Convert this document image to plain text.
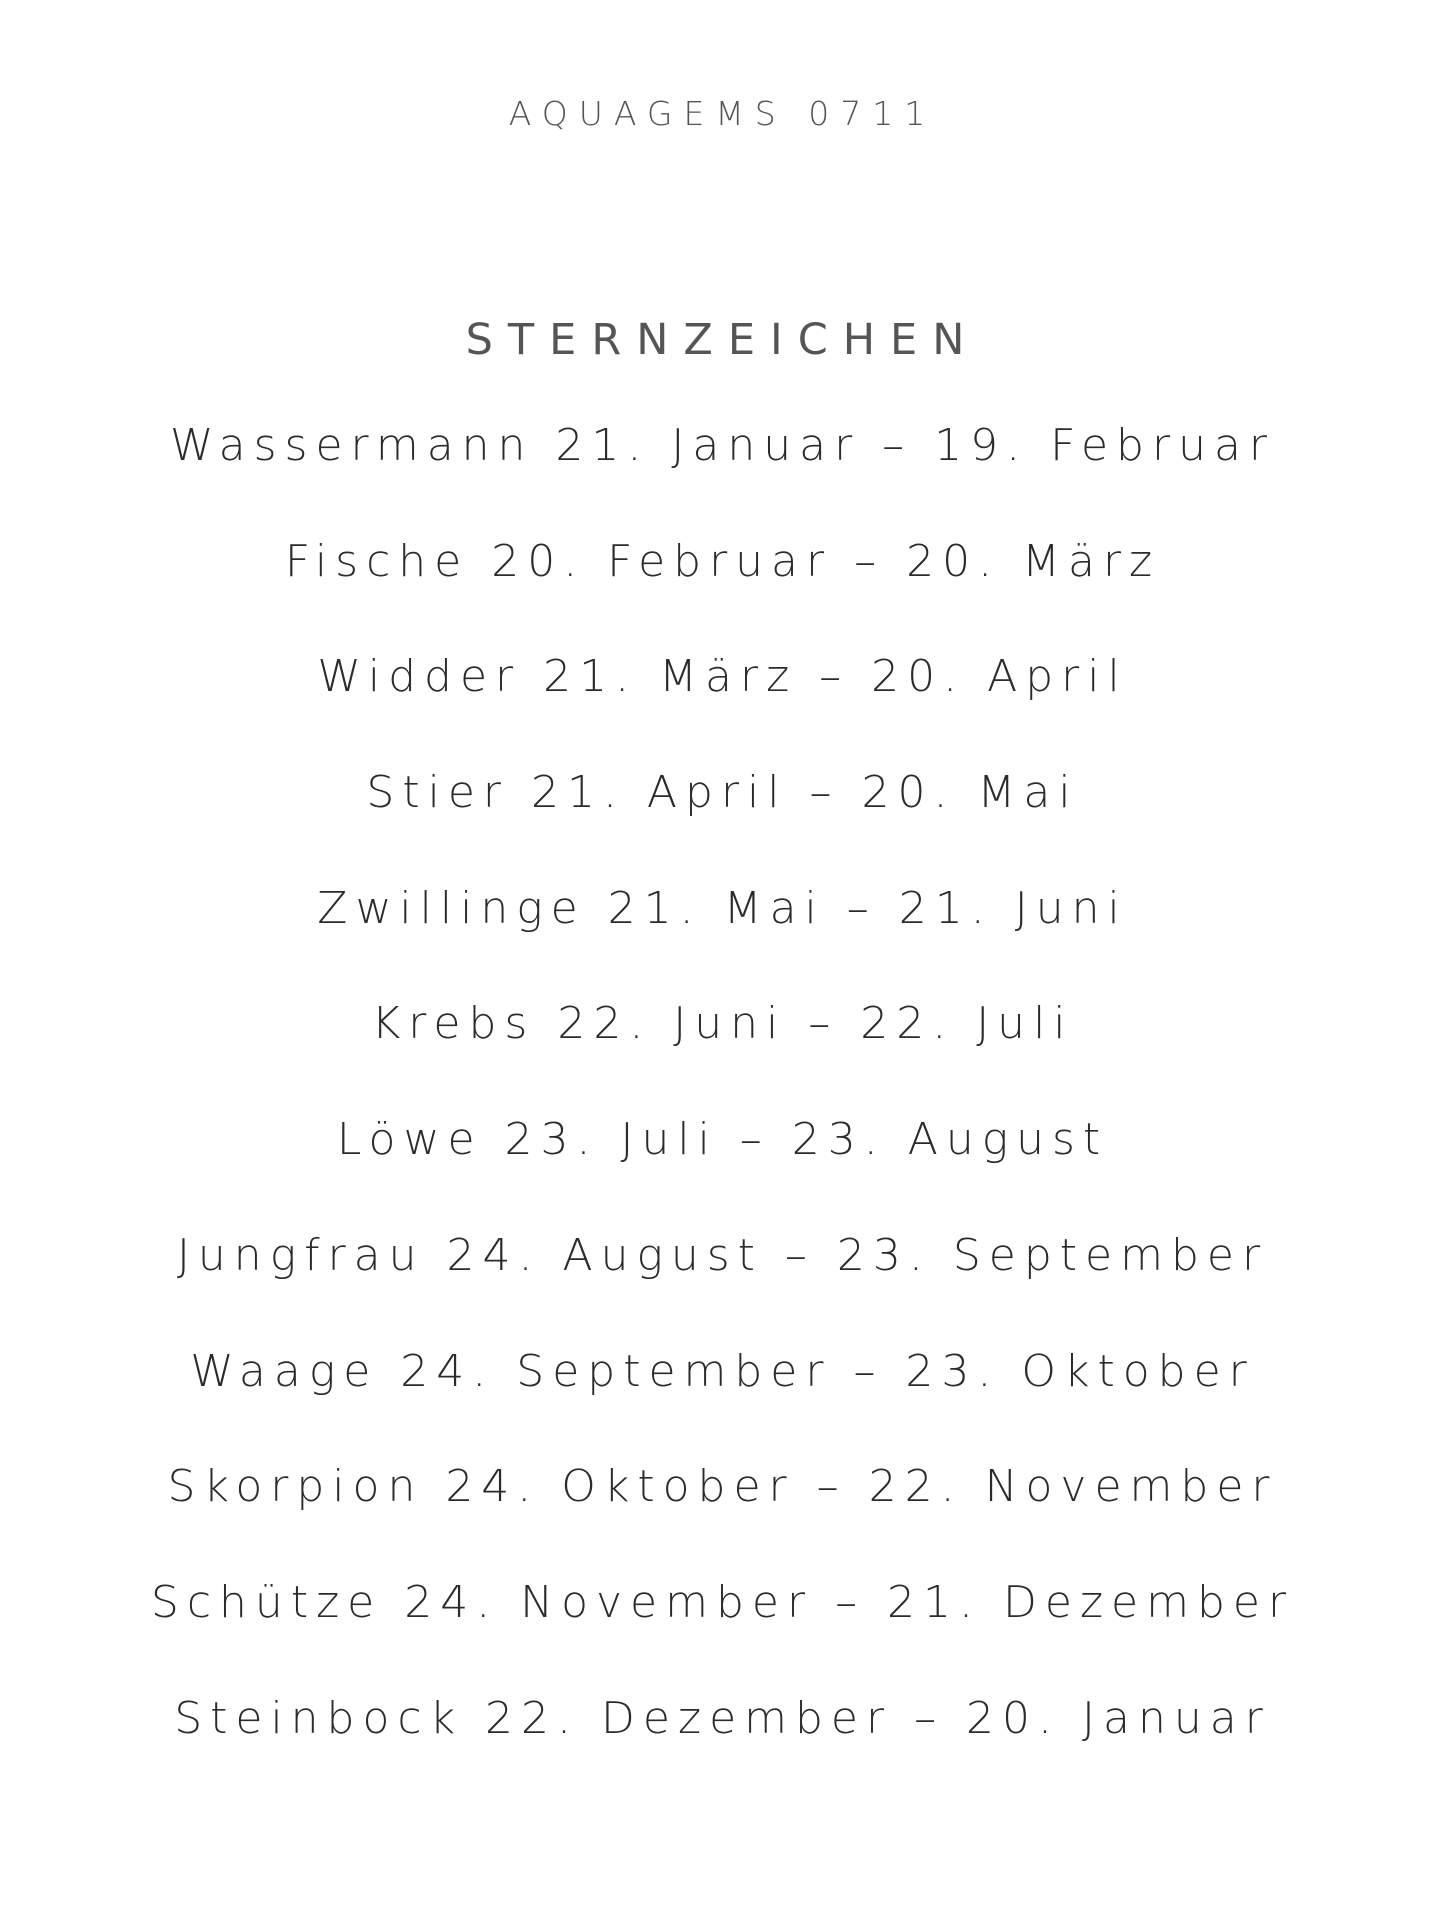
AQUAGEMS 0711
STERNZEICHEN
Wassermann 21. Januar – 19. Februar
Fische 20. Februar – 20. März
Widder 21. März – 20. April
Stier 21. April – 20. Mai
Zwillinge 21. Mai – 21. Juni
Krebs 22. Juni – 22. Juli
Löwe 23. Juli – 23. August
Jungfrau 24. August – 23. September
Waage 24. September – 23. Oktober
Skorpion 24. Oktober – 22. November
Schütze 24. November – 21. Dezember
Steinbock 22. Dezember – 20. Januar
